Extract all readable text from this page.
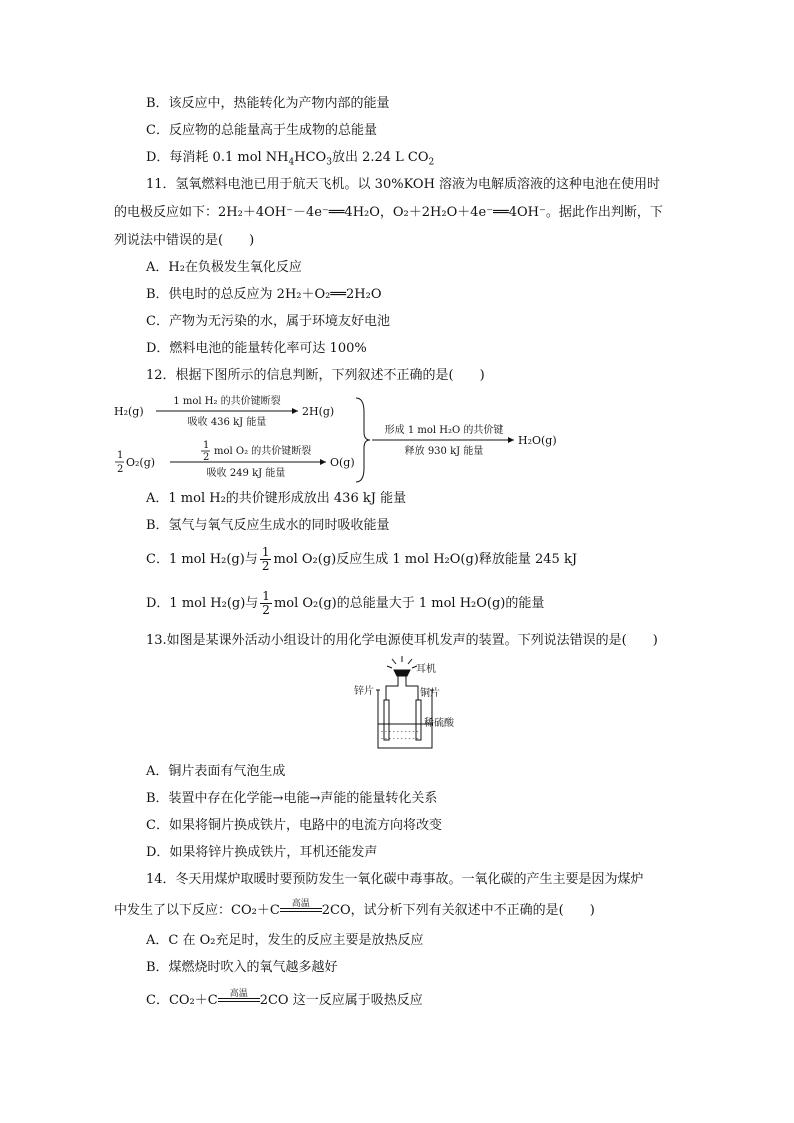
B．该反应中，热能转化为产物内部的能量
C．反应物的总能量高于生成物的总能量
D．每消耗 0.1 mol $NH_4HCO_3$放出 2.24 L $CO_2$
11．氢氧燃料电池已用于航天飞机。以 30%KOH 溶液为电解质溶液的这种电池在使用时
的电极反应如下：2H₂＋4OH⁻－4e⁻══4H₂O，O₂＋2H₂O＋4e⁻══4OH⁻。据此作出判断，下
列说法中错误的是(　　)
A．H₂在负极发生氧化反应
B．供电时的总反应为 2H₂＋O₂══2H₂O
C．产物为无污染的水，属于环境友好电池
D．燃料电池的能量转化率可达 100%
12．根据下图所示的信息判断，下列叙述不正确的是(　　)
H₂(g)
1 mol H₂ 的共价键断裂
吸收 436 kJ 能量
2H(g)
1
2
O₂(g)
1
2
mol O₂ 的共价键断裂
吸收 249 kJ 能量
O(g)
形成 1 mol H₂O 的共价键
释放 930 kJ 能量
H₂O(g)
A．1 mol H₂的共价键形成放出 436 kJ 能量
B．氢气与氧气反应生成水的同时吸收能量
C．1 mol H₂(g)与 $\frac{1}{2}$ mol O₂(g)反应生成 1 mol H₂O(g)释放能量 245 kJ
D．1 mol H₂(g)与 $\frac{1}{2}$ mol O₂(g)的总能量大于 1 mol H₂O(g)的能量
13.如图是某课外活动小组设计的用化学电源使耳机发声的装置。下列说法错误的是(　　)
- - - - - - - - - -
- - - - - - - - - -
耳机
锌片	铜片
稀硫酸
A．铜片表面有气泡生成
B．装置中存在化学能→电能→声能的能量转化关系
C．如果将铜片换成铁片，电路中的电流方向将改变
D．如果将锌片换成铁片，耳机还能发声
14．冬天用煤炉取暖时要预防发生一氧化碳中毒事故。一氧化碳的产生主要是因为煤炉
中发生了以下反应：CO₂＋C	高温 2CO，试分析下列有关叙述中不正确的是(　　)
A．C 在 O₂充足时，发生的反应主要是放热反应
B．煤燃烧时吹入的氧气越多越好
C．CO₂＋C	高温 2CO 这一反应属于吸热反应
